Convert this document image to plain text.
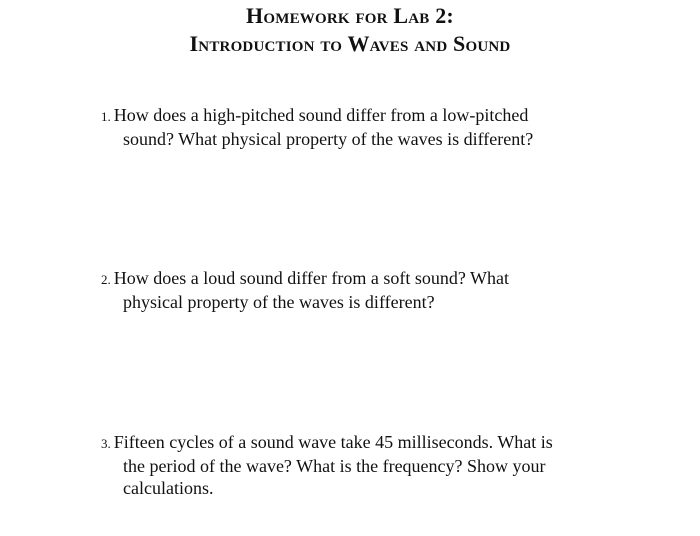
Homework for Lab 2:
Introduction to Waves and Sound
1. How does a high-pitched sound differ from a low-pitched
sound? What physical property of the waves is different?
2. How does a loud sound differ from a soft sound? What
physical property of the waves is different?
3. Fifteen cycles of a sound wave take 45 milliseconds. What is
the period of the wave? What is the frequency? Show your
calculations.
